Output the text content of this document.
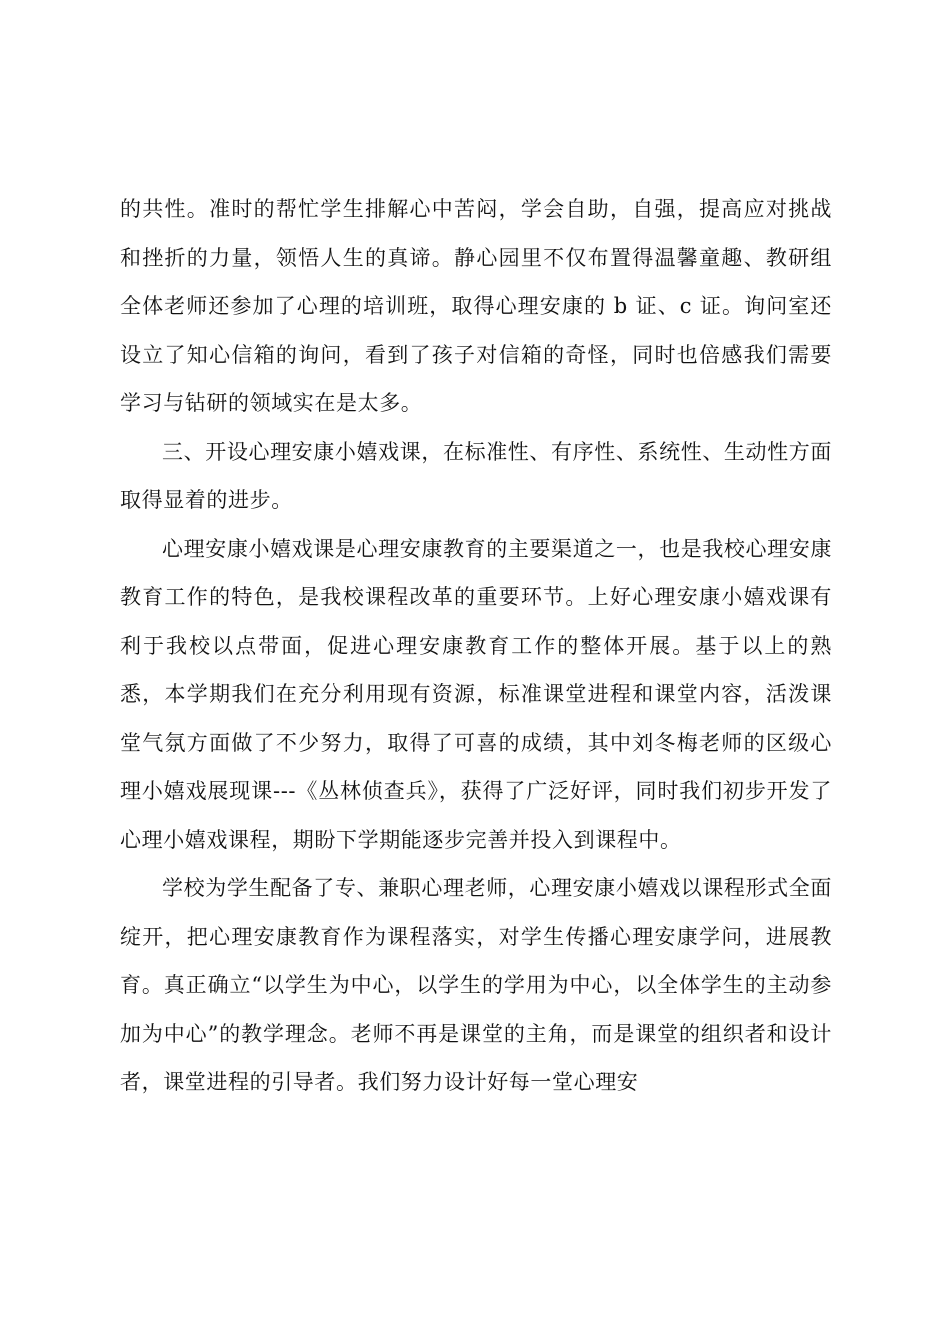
的共性。准时的帮忙学生排解心中苦闷，学会自助，自强，提高应对挑战和挫折的力量，领悟人生的真谛。静心园里不仅布置得温馨童趣、教研组全体老师还参加了心理的培训班，取得心理安康的 b 证、c 证。询问室还设立了知心信箱的询问，看到了孩子对信箱的奇怪，同时也倍感我们需要学习与钻研的领域实在是太多。

三、开设心理安康小嬉戏课，在标准性、有序性、系统性、生动性方面取得显着的进步。

心理安康小嬉戏课是心理安康教育的主要渠道之一，也是我校心理安康教育工作的特色，是我校课程改革的重要环节。上好心理安康小嬉戏课有利于我校以点带面，促进心理安康教育工作的整体开展。基于以上的熟悉，本学期我们在充分利用现有资源，标准课堂进程和课堂内容，活泼课堂气氛方面做了不少努力，取得了可喜的成绩，其中刘冬梅老师的区级心理小嬉戏展现课---《丛林侦查兵》，获得了广泛好评，同时我们初步开发了心理小嬉戏课程，期盼下学期能逐步完善并投入到课程中。

学校为学生配备了专、兼职心理老师，心理安康小嬉戏以课程形式全面绽开，把心理安康教育作为课程落实，对学生传播心理安康学问，进展教育。真正确立“以学生为中心，以学生的学用为中心，以全体学生的主动参加为中心”的教学理念。老师不再是课堂的主角，而是课堂的组织者和设计者，课堂进程的引导者。我们努力设计好每一堂心理安
